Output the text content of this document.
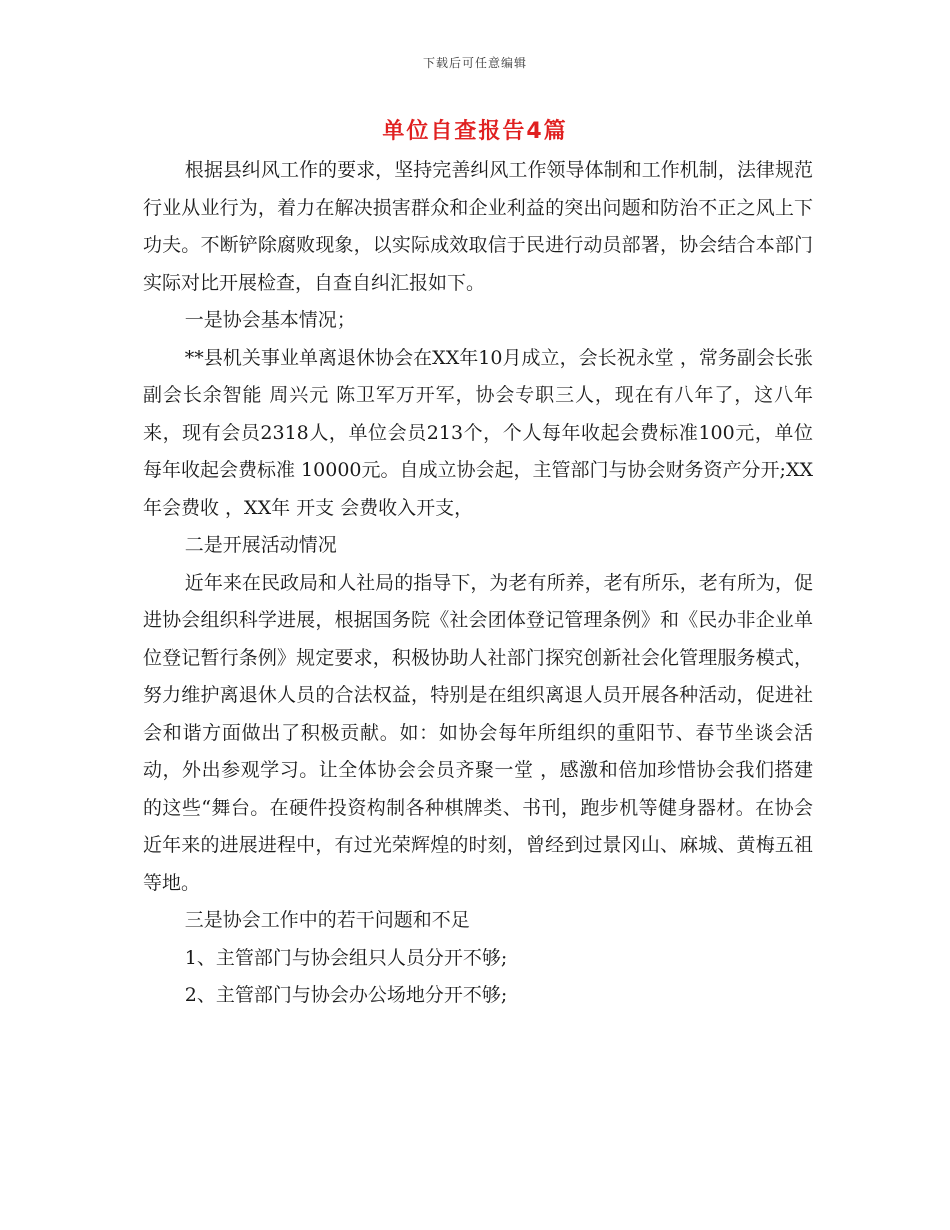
下载后可任意编辑
单位自查报告4篇

根据县纠风工作的要求，坚持完善纠风工作领导体制和工作机制，法律规范行业从业行为，着力在解决损害群众和企业利益的突出问题和防治不正之风上下功夫。不断铲除腐败现象，以实际成效取信于民进行动员部署，协会结合本部门实际对比开展检查，自查自纠汇报如下。

一是协会基本情况；

**县机关事业单离退休协会在XX年10月成立，会长祝永堂 ，常务副会长张 副会长余智能 周兴元 陈卫军万开军，协会专职三人，现在有八年了，这八年来，现有会员2318人，单位会员213个，个人每年收起会费标准100元，单位每年收起会费标准 10000元。自成立协会起，主管部门与协会财务资产分开;XX年会费收 ，XX年 开支 会费收入开支，

二是开展活动情况

近年来在民政局和人社局的指导下，为老有所养，老有所乐，老有所为，促进协会组织科学进展，根据国务院《社会团体登记管理条例》和《民办非企业单位登记暂行条例》规定要求，积极协助人社部门探究创新社会化管理服务模式，努力维护离退休人员的合法权益，特别是在组织离退人员开展各种活动，促进社会和谐方面做出了积极贡献。如：如协会每年所组织的重阳节、春节坐谈会活动，外出参观学习。让全体协会会员齐聚一堂 ，感激和倍加珍惜协会我们搭建的这些“舞台。在硬件投资构制各种棋牌类、书刊，跑步机等健身器材。在协会近年来的进展进程中，有过光荣辉煌的时刻，曾经到过景冈山、麻城、黄梅五祖等地。

三是协会工作中的若干问题和不足

1、主管部门与协会组只人员分开不够;

2、主管部门与协会办公场地分开不够;
